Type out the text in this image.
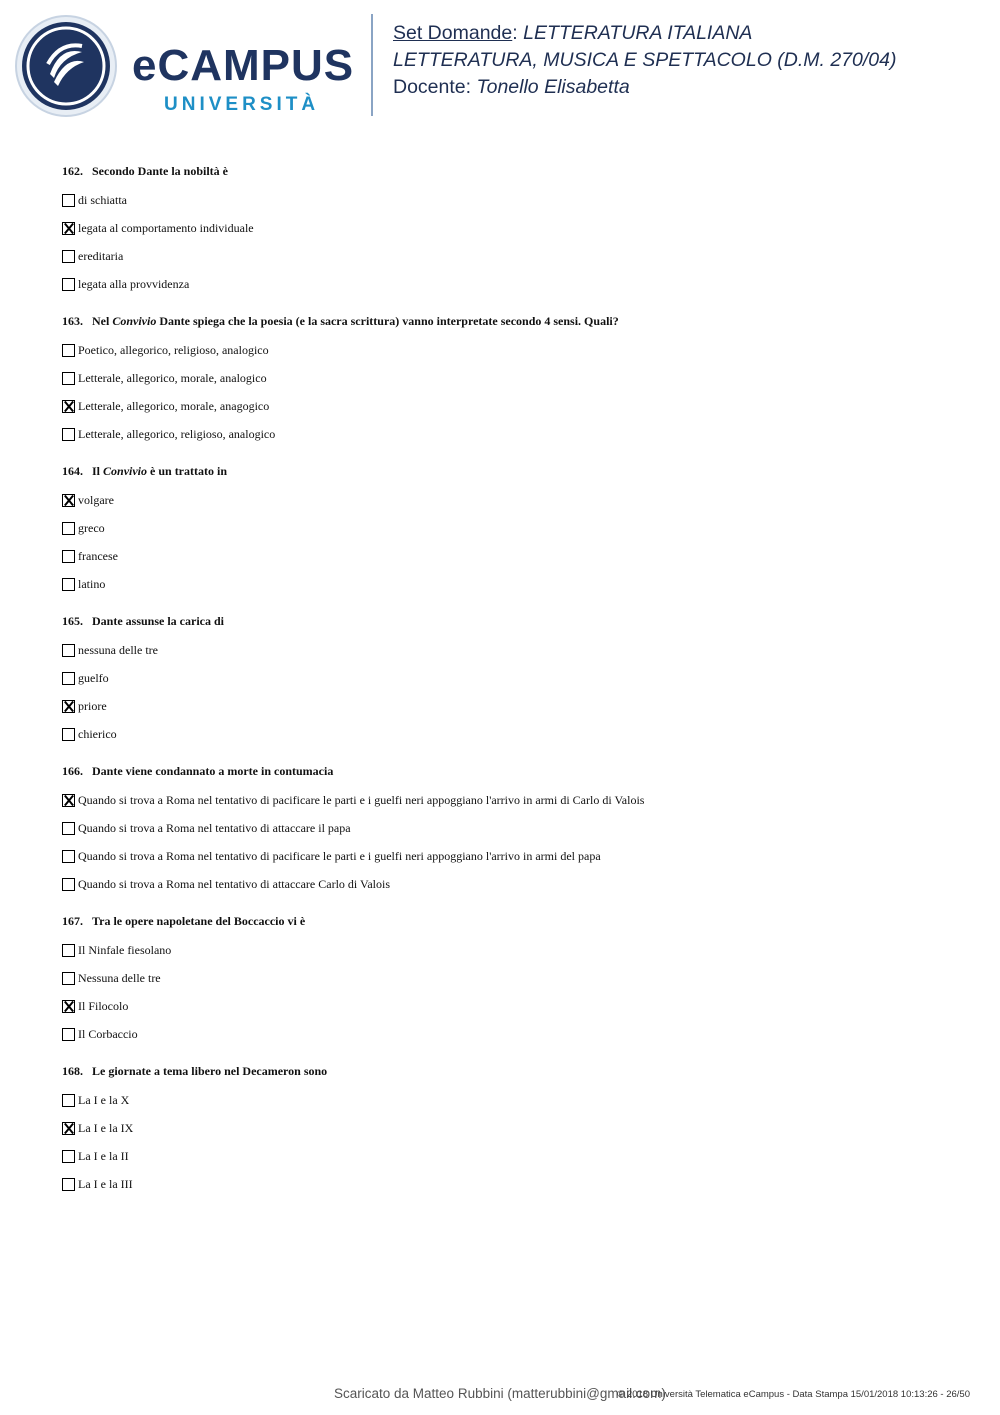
eCAMPUS
UNIVERSITÀ
Set Domande: LETTERATURA ITALIANA
LETTERATURA, MUSICA E SPETTACOLO (D.M. 270/04)
Docente: Tonello Elisabetta
162. Secondo Dante la nobiltà è
di schiatta
legata al comportamento individuale
ereditaria
legata alla provvidenza
163. Nel Convivio Dante spiega che la poesia (e la sacra scrittura) vanno interpretate secondo 4 sensi. Quali?
Poetico, allegorico, religioso, analogico
Letterale, allegorico, morale, analogico
Letterale, allegorico, morale, anagogico
Letterale, allegorico, religioso, analogico
164. Il Convivio è un trattato in
volgare
greco
francese
latino
165. Dante assunse la carica di
nessuna delle tre
guelfo
priore
chierico
166. Dante viene condannato a morte in contumacia
Quando si trova a Roma nel tentativo di pacificare le parti e i guelfi neri appoggiano l'arrivo in armi di Carlo di Valois
Quando si trova a Roma nel tentativo di attaccare il papa
Quando si trova a Roma nel tentativo di pacificare le parti e i guelfi neri appoggiano l'arrivo in armi del papa
Quando si trova a Roma nel tentativo di attaccare Carlo di Valois
167. Tra le opere napoletane del Boccaccio vi è
Il Ninfale fiesolano
Nessuna delle tre
Il Filocolo
Il Corbaccio
168. Le giornate a tema libero nel Decameron sono
La I e la X
La I e la IX
La I e la II
La I e la III
Scaricato da Matteo Rubbini (matterubbini@gmail.com)
© 2018 Università Telematica eCampus - Data Stampa 15/01/2018 10:13:26 - 26/50
